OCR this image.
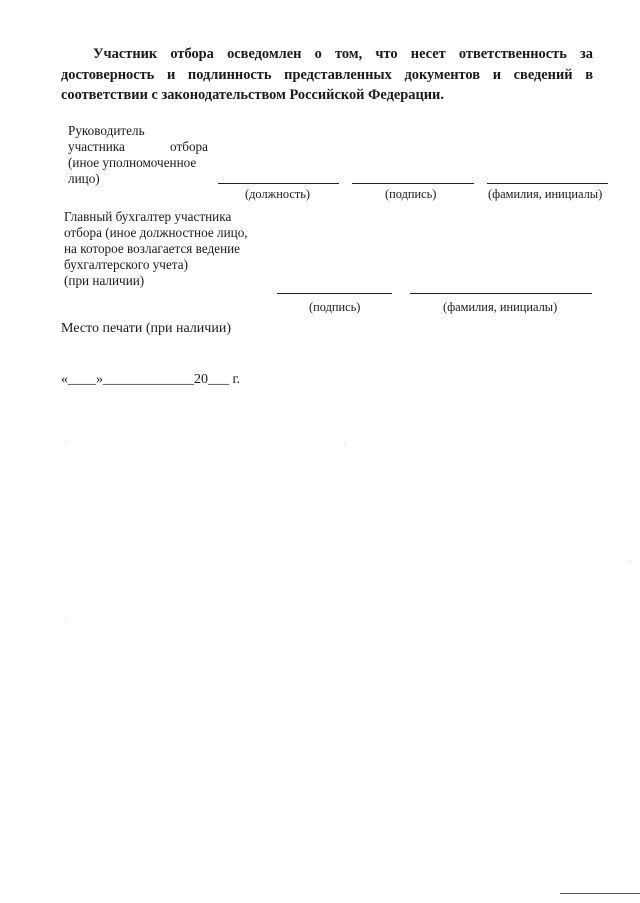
Участник отбора осведомлен о том, что несет ответственность за
достоверность и подлинность представленных документов и сведений в
соответствии с законодательством Российской Федерации.
Руководитель
участника отбора
(иное уполномоченное
лицо)
(должность)	(подпись)	(фамилия, инициалы)
Главный бухгалтер участника
отбора (иное должностное лицо,
на которое возлагается ведение
бухгалтерского учета)
(при наличии)
(подпись)	(фамилия, инициалы)
Место печати (при наличии)
«____»_____________20___ г.
